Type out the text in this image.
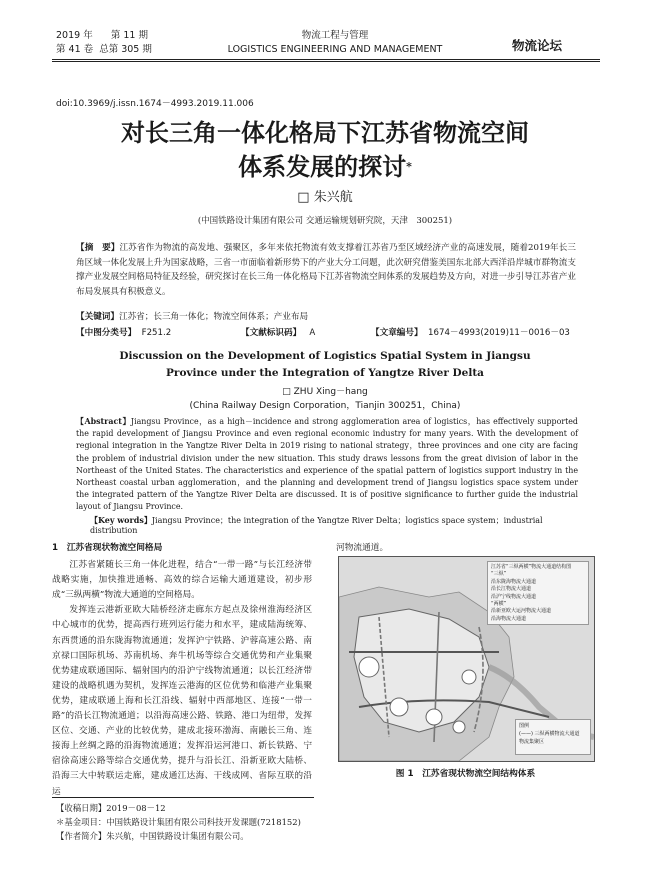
2019 年 第 11 期
第 41 卷 总第 305 期
物流工程与管理
LOGISTICS ENGINEERING AND MANAGEMENT	物流论坛
doi:10.3969/j.issn.1674－4993.2019.11.006
对长三角一体化格局下江苏省物流空间
体系发展的探讨*
□ 朱兴航
(中国铁路设计集团有限公司 交通运输规划研究院，天津　300251)
【摘　要】江苏省作为物流的高发地、强聚区，多年来依托物流有效支撑着江苏省乃至区域经济产业的高速发展，随着2019年长三角区域一体化发展上升为国家战略，三省一市面临着新形势下的产业大分工问题，此次研究借鉴美国东北部大西洋沿岸城市群物流支撑产业发展空间格局特征及经验，研究探讨在长三角一体化格局下江苏省物流空间体系的发展趋势及方向，对进一步引导江苏省产业布局发展具有积极意义。
【关键词】江苏省；长三角一体化；物流空间体系；产业布局
【中图分类号】 F251.2	【文献标识码】 A	【文章编号】 1674－4993(2019)11－0016－03
Discussion on the Development of Logistics Spatial System in Jiangsu
Province under the Integration of Yangtze River Delta
□ ZHU Xing－hang
(China Railway Design Corporation，Tianjin 300251，China)
【Abstract】Jiangsu Province，as a high－incidence and strong agglomeration area of logistics，has effectively supported the rapid development of Jiangsu Province and even regional economic industry for many years. With the development of regional integration in the Yangtze River Delta in 2019 rising to national strategy，three provinces and one city are facing the problem of industrial division under the new situation. This study draws lessons from the great division of labor in the Northeast of the United States. The characteristics and experience of the spatial pattern of logistics support industry in the Northeast coastal urban agglomeration，and the planning and development trend of Jiangsu logistics space system under the integrated pattern of the Yangtze River Delta are discussed. It is of positive significance to further guide the industrial layout of Jiangsu Province.
【Key words】Jiangsu Province；the integration of the Yangtze River Delta；logistics space system；industrial distribution
1　江苏省现状物流空间格局

江苏省紧随长三角一体化进程，结合“一带一路”与长江经济带战略实施，加快推进通畅、高效的综合运输大通道建设，初步形成“三纵两横”物流大通道的空间格局。

发挥连云港新亚欧大陆桥经济走廊东方起点及徐州淮海经济区中心城市的优势，提高西行班列运行能力和水平，建成陆海统筹、东西贯通的沿东陇海物流通道；发挥沪宁铁路、沪蓉高速公路、南京禄口国际机场、苏南机场、奔牛机场等综合交通优势和产业集聚优势建成联通国际、辐射国内的沿沪宁线物流通道；以长江经济带建设的战略机遇为契机，发挥连云港海的区位优势和临港产业集聚优势，建成联通上海和长江沿线、辐射中西部地区、连接“一带一路”的沿长江物流通道；以沿海高速公路、铁路、港口为纽带，发挥区位、交通、产业的比较优势，建成北接环渤海、南融长三角、连接海上丝绸之路的沿海物流通道；发挥沿运河港口、新长铁路、宁宿徐高速公路等综合交通优势，提升与沿长江、沿新亚欧大陆桥、沿海三大中转联运走廊，建成通江达海、干线成网、省际互联的沿运

河物流通道。
江苏省“三纵两横”物流大通道结构图
“三纵”
沿东陇海物流大通道
沿长江物流大通道
沿沪宁线物流大通道
“两横”
沿新亚欧大运河物流大通道
沿海物流大通道
图例
(——) 三纵两横物流大通道
物流集聚区
图 1　江苏省现状物流空间结构体系
【收稿日期】2019－08－12
＊基金项目：中国铁路设计集团有限公司科技开发课题(7218152)
【作者简介】朱兴航，中国铁路设计集团有限公司。
